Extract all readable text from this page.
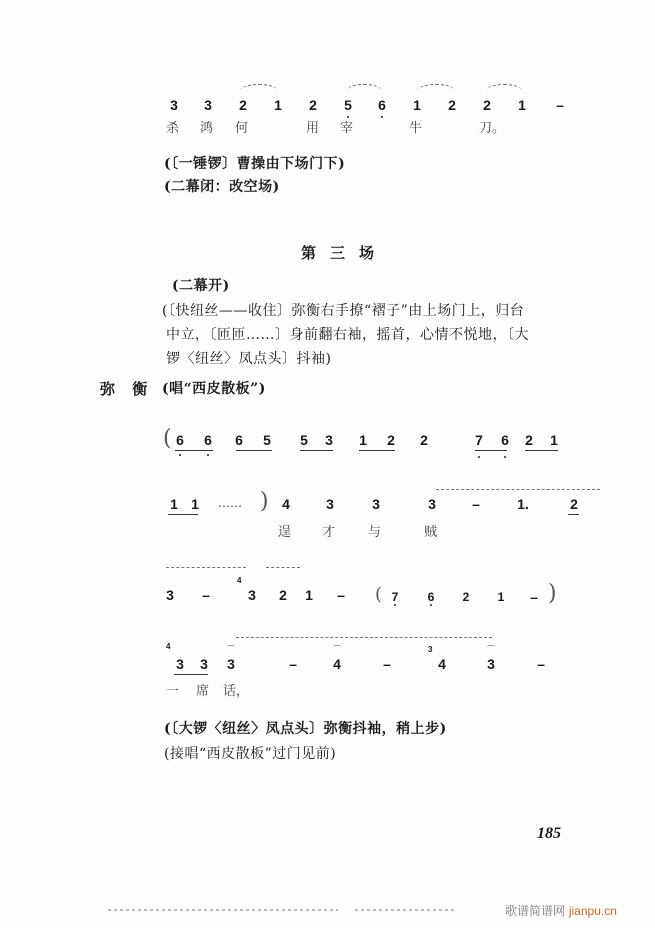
3 3 2 1 2 5 6 1 2 2 1 –
杀 鸿 何	用 宰	牛	刀。
(〔一锤锣〕曹操由下场门下)
(二幕闭：改空场)
第三场
(二幕开)
(〔快纽丝——收住〕弥衡右手撩“褶子”由上场门上，归台
中立，〔匝匝……〕身前翻右袖，摇首，心情不悦地，〔大
锣〈纽丝〉凤点头〕抖袖)
弥 衡 (唱“西皮散板”)
( 6 6 6 5 5 3 1 2 2	7 6 2 1
1 1	…… ) 4	3	3	3	–	1.	2
逞 才	与	贼
3 –
4
3 2 1 – ( 7	6	2	1	– )
4
3 3
⌒
3	–
⌒
4	–
3
4
⌒
3	–
一 席 话，
(〔大锣〈纽丝〉凤点头〕弥衡抖袖，稍上步)
(接唱“西皮散板”过门见前)
185
歌谱简谱网 jianpu.cn
